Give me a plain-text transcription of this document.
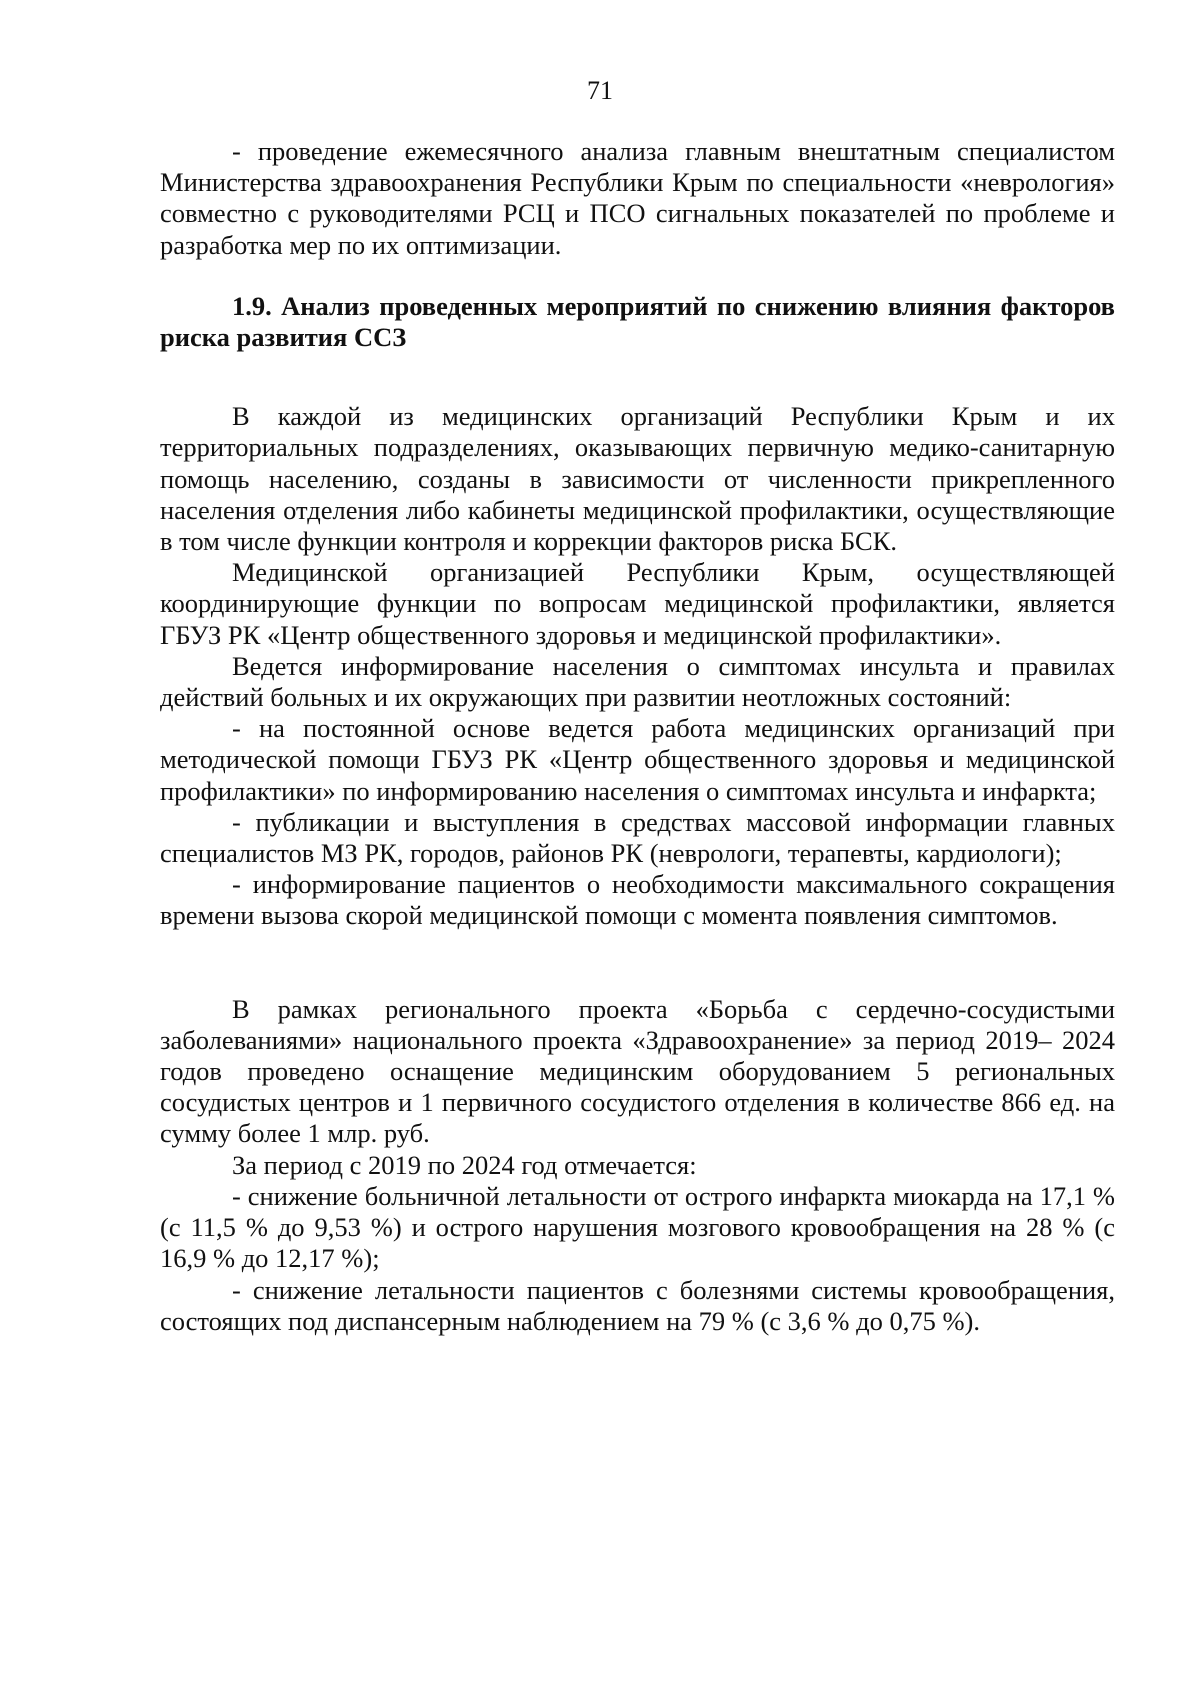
71

- проведение ежемесячного анализа главным внештатным специалистом Министерства здравоохранения Республики Крым по специальности «неврология» совместно с руководителями РСЦ и ПСО сигнальных показателей по проблеме и разработка мер по их оптимизации.

1.9. Анализ проведенных мероприятий по снижению влияния факторов риска развития ССЗ

В каждой из медицинских организаций Республики Крым и их территориальных подразделениях, оказывающих первичную медико-санитарную помощь населению, созданы в зависимости от численности прикрепленного населения отделения либо кабинеты медицинской профилактики, осуществляющие в том числе функции контроля и коррекции факторов риска БСК.

Медицинской организацией Республики Крым, осуществляющей координирующие функции по вопросам медицинской профилактики, является ГБУЗ РК «Центр общественного здоровья и медицинской профилактики».

Ведется информирование населения о симптомах инсульта и правилах действий больных и их окружающих при развитии неотложных состояний:

- на постоянной основе ведется работа медицинских организаций при методической помощи ГБУЗ РК «Центр общественного здоровья и медицинской профилактики» по информированию населения о симптомах инсульта и инфаркта;

- публикации и выступления в средствах массовой информации главных специалистов МЗ РК, городов, районов РК (неврологи, терапевты, кардиологи);

- информирование пациентов о необходимости максимального сокращения времени вызова скорой медицинской помощи с момента появления симптомов.

В рамках регионального проекта «Борьба с сердечно-сосудистыми заболеваниями» национального проекта «Здравоохранение» за период 2019– 2024 годов проведено оснащение медицинским оборудованием 5 региональных сосудистых центров и 1 первичного сосудистого отделения в количестве 866 ед. на сумму более 1 млр. руб.

За период с 2019 по 2024 год отмечается:

- снижение больничной летальности от острого инфаркта миокарда на 17,1 % (с 11,5 % до 9,53 %) и острого нарушения мозгового кровообращения на 28 % (с 16,9 % до 12,17 %);

- снижение летальности пациентов с болезнями системы кровообращения, состоящих под диспансерным наблюдением на 79 % (с 3,6 % до 0,75 %).
